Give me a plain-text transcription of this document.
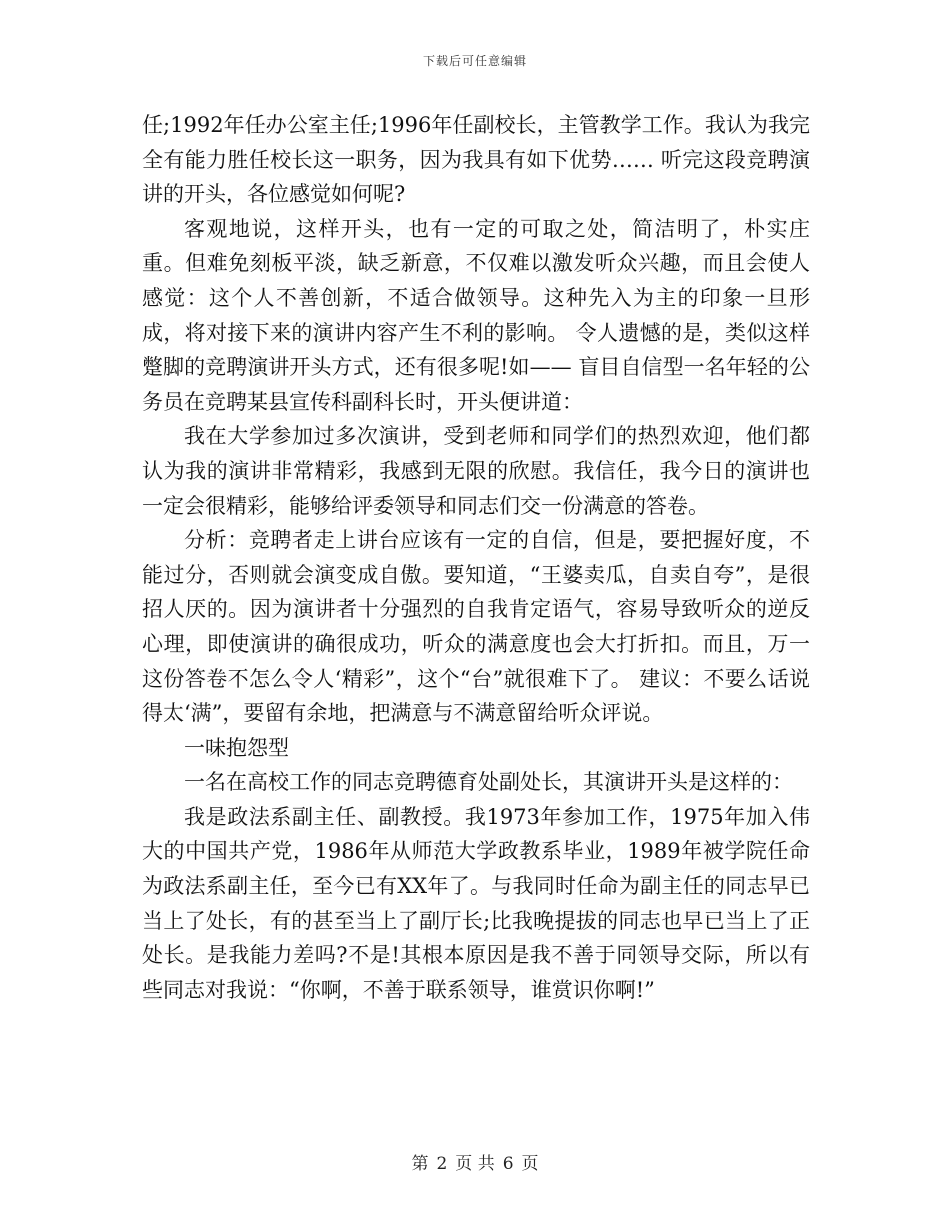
下载后可任意编辑

任;1992年任办公室主任;1996年任副校长，主管教学工作。我认为我完全有能力胜任校长这一职务，因为我具有如下优势…… 听完这段竞聘演讲的开头，各位感觉如何呢?

客观地说，这样开头，也有一定的可取之处，简洁明了，朴实庄重。但难免刻板平淡，缺乏新意，不仅难以激发听众兴趣，而且会使人感觉：这个人不善创新，不适合做领导。这种先入为主的印象一旦形成，将对接下来的演讲内容产生不利的影响。 令人遗憾的是，类似这样蹩脚的竞聘演讲开头方式，还有很多呢!如—— 盲目自信型一名年轻的公务员在竞聘某县宣传科副科长时，开头便讲道：

我在大学参加过多次演讲，受到老师和同学们的热烈欢迎，他们都认为我的演讲非常精彩，我感到无限的欣慰。我信任，我今日的演讲也一定会很精彩，能够给评委领导和同志们交一份满意的答卷。

分析：竞聘者走上讲台应该有一定的自信，但是，要把握好度，不能过分，否则就会演变成自傲。要知道，“王婆卖瓜，自卖自夸”，是很招人厌的。因为演讲者十分强烈的自我肯定语气，容易导致听众的逆反心理，即使演讲的确很成功，听众的满意度也会大打折扣。而且，万一这份答卷不怎么令人‘精彩”，这个“台”就很难下了。 建议：不要么话说得太‘满”，要留有余地，把满意与不满意留给听众评说。

一味抱怨型

一名在高校工作的同志竞聘德育处副处长，其演讲开头是这样的：

我是政法系副主任、副教授。我1973年参加工作，1975年加入伟大的中国共产党，1986年从师范大学政教系毕业，1989年被学院任命为政法系副主任，至今已有XX年了。与我同时任命为副主任的同志早已当上了处长，有的甚至当上了副厅长;比我晚提拔的同志也早已当上了正处长。是我能力差吗?不是!其根本原因是我不善于同领导交际，所以有些同志对我说：“你啊，不善于联系领导，谁赏识你啊!”

第 2 页 共 6 页
